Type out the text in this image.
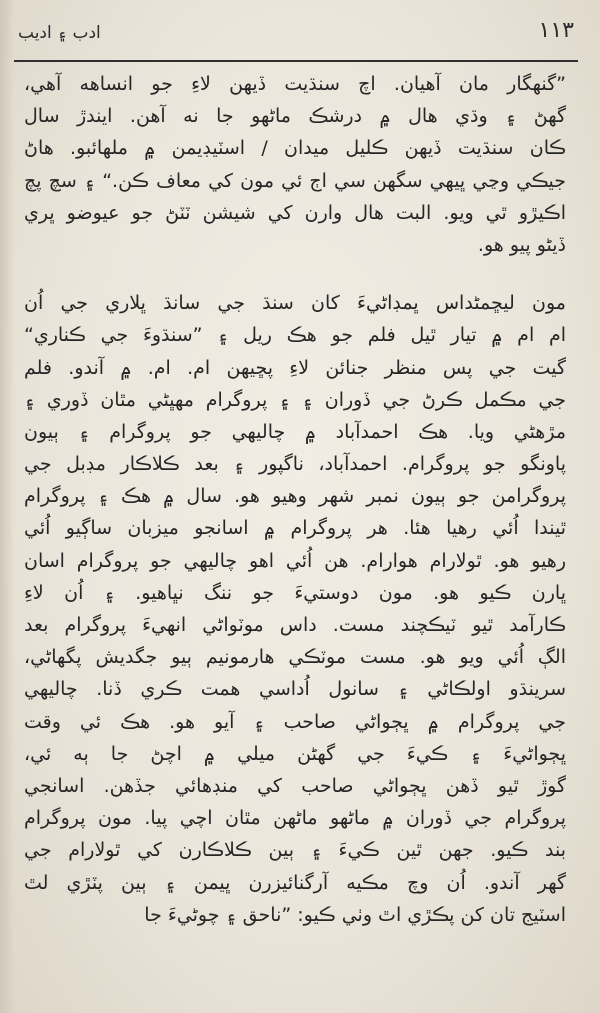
۱۱۳
ادب ۽ اديب
”گنهگار مان آهيان. اچ سنڌيت ڏيهن لاءِ جو انساهه آهي،
گهڻ ۽ وڌي هال ۾ درشڪ ماڻهو جا نه آهن. ايندڙ سال
ڪان سنڌيت ڏيهن ڪليل ميدان / اسٽيڊيمن ۾ ملهائبو. هاڻ
جيڪي وڃي ڀيهي سگهن سي اڄ ئي مون کي معاف ڪن.“ ۽ سچ پچ
اڪيڙو ٿي ويو. البت هال وارن کي شيشن ٽٽڻ جو عيوضو ڀري
ڏيڻو پيو هو.
مون ليڇمڻداس ڀمڊاڻيءَ کان سنڌ جي سانڌ ڀلاري جي اُن
ام ام ۾ تيار ٿيل فلم جو هڪ ريل ۽ ”سنڌوءَ جي ڪناري“
گيت جي پس منظر جنائن لاءِ پڇيهن ام. ام. ۾ آندو. فلم
جي مڪمل ڪرڻ جي ڏوران ۽ ۽ پروگرام مهڀڻي مٿان ڏوري ۽
مڙهڻي ويا. هڪ احمدآباد ۾ چاليهي جو پروگرام ۽ ٻيون
پاونگو جو پروگرام. احمدآباد، ناگپور ۽ بعد ڪلاڪار مڊبل جي
پروگرامن جو ٻيون نمبر شهر وهيو هو. سال ۾ هڪ ۽ پروگرام
ٿيندا اُئي رهيا هئا. هر پروگرام ۾ اسانجو ميزبان ساڳيو اُئي
رهيو هو. ٿولارام هوارام. هن اُئي اهو چاليهي جو پروگرام اسان
ڀارن ڪيو هو. مون دوستيءَ جو ننگ نڀاهيو. ۽ اُن لاءِ
ڪارآمد ٿيو ٽيڪچند مست. داس موٽواڻي انهيءَ پروگرام بعد
الڳ اُئي ويو هو. مست موٽڪي هارمونيم ٻيو جگديش پگهاڻي،
سرينڌو اولڪاڻي ۽ سانول اُداسي همت ڪري ڏنا. چاليهي
جي پروگرام ۾ ڀڄواڻي صاحب ۽ آيو هو. هڪ ئي وقت
ڀڄواڻيءَ ۽ ڪيءَ جي گهڻن ميلي ۾ اچڻ جا ٻه ئي،
گوڙ ٿيو ڏهن ڀڄواڻي صاحب کي منڊهائي جڏهن. اسانجي
پروگرام جي ڏوران ۾ ماڻهو ماڻهن مٿان اچي پيا. مون پروگرام
بند ڪيو. جهن ٿين ڪيءَ ۽ ٻين ڪلاڪارن کي ٿولارام جي
گهر آندو. اُن وچ مڪيه آرگنائيزرن ڀيمن ۽ ٻين پٽڙي لٿ
اسٽيج تان کن پڪڙي اٿ وٺي ڪيو: ”ناحق ۽ چوڻيءَ جا
